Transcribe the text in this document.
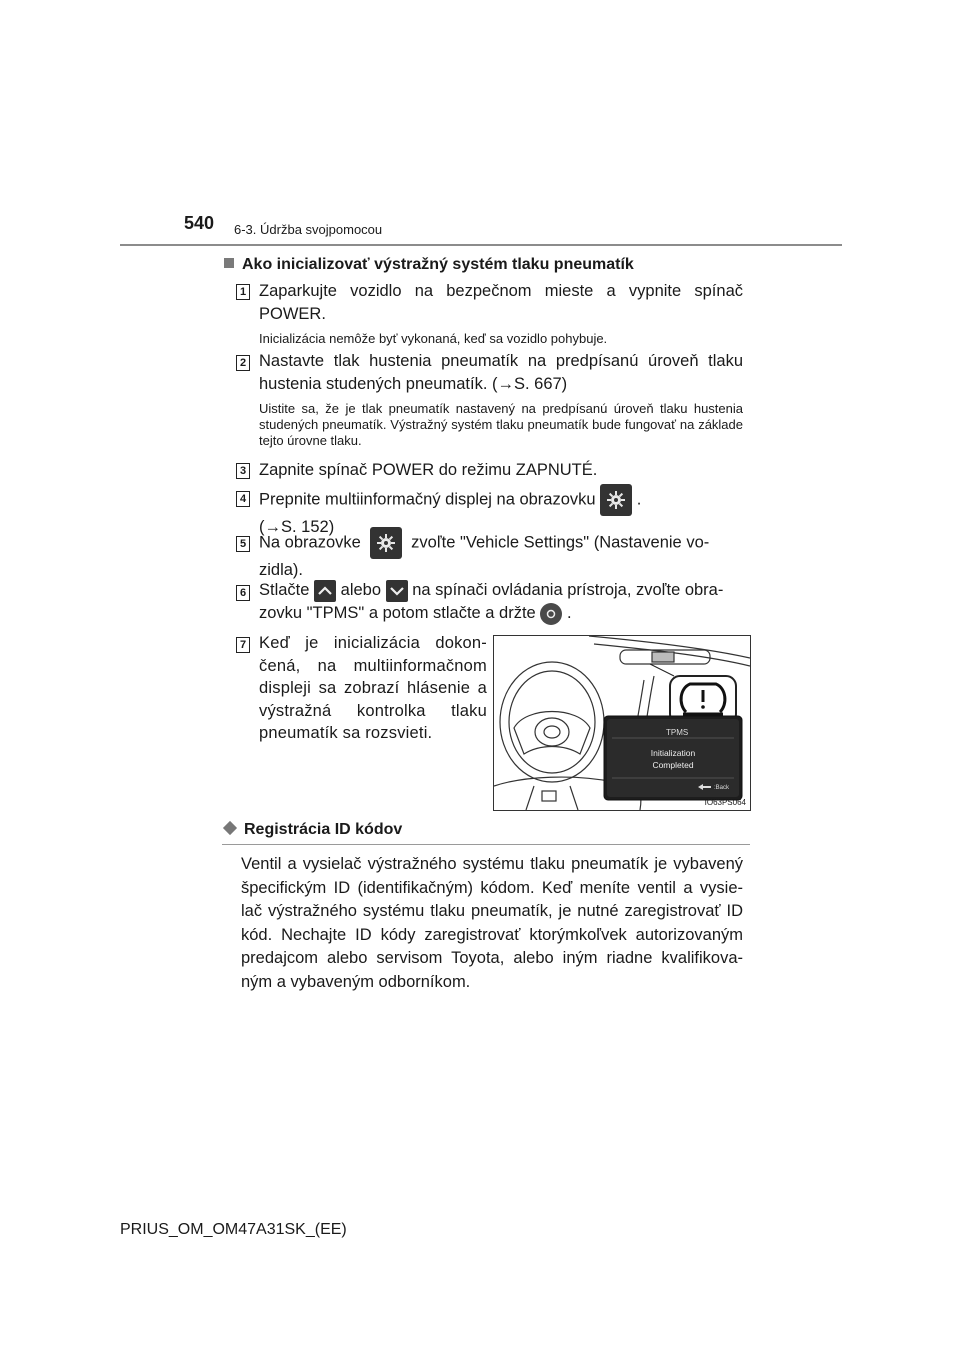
540 6-3. Údržba svojpomocou
Ako inicializovať výstražný systém tlaku pneumatík
1 Zaparkujte vozidlo na bezpečnom mieste a vypnite spínač POWER.
Inicializácia nemôže byť vykonaná, keď sa vozidlo pohybuje.
2 Nastavte tlak hustenia pneumatík na predpísanú úroveň tlaku hustenia studených pneumatík. (→S. 667)
Uistite sa, že je tlak pneumatík nastavený na predpísanú úroveň tlaku hustenia studených pneumatík. Výstražný systém tlaku pneumatík bude fungovať na základe tejto úrovne tlaku.
3 Zapnite spínač POWER do režimu ZAPNUTÉ.
4 Prepnite multiinformačný displej na obrazovku .
(→S. 152)
5 Na obrazovke	zvoľte "Vehicle Settings" (Nastavenie vo-
zidla).
6 Stlačte alebo na spínači ovládania prístroja, zvoľte obra-
zovku "TPMS" a potom stlačte a držte .
7 Keď je inicializácia dokon- čená, na multiinformačnom displeji sa zobrazí hlásenie a výstražná kontrolka tlaku pneumatík sa rozsvieti.	TPMS
Initialization
Completed
:Back
IO63PS064
Registrácia ID kódov
Ventil a vysielač výstražného systému tlaku pneumatík je vybavený špecifickým ID (identifikačným) kódom. Keď meníte ventil a vysie- lač výstražného systému tlaku pneumatík, je nutné zaregistrovať ID kód. Nechajte ID kódy zaregistrovať ktorýmkoľvek autorizovaným predajcom alebo servisom Toyota, alebo iným riadne kvalifikova- ným a vybaveným odborníkom.
PRIUS_OM_OM47A31SK_(EE)
